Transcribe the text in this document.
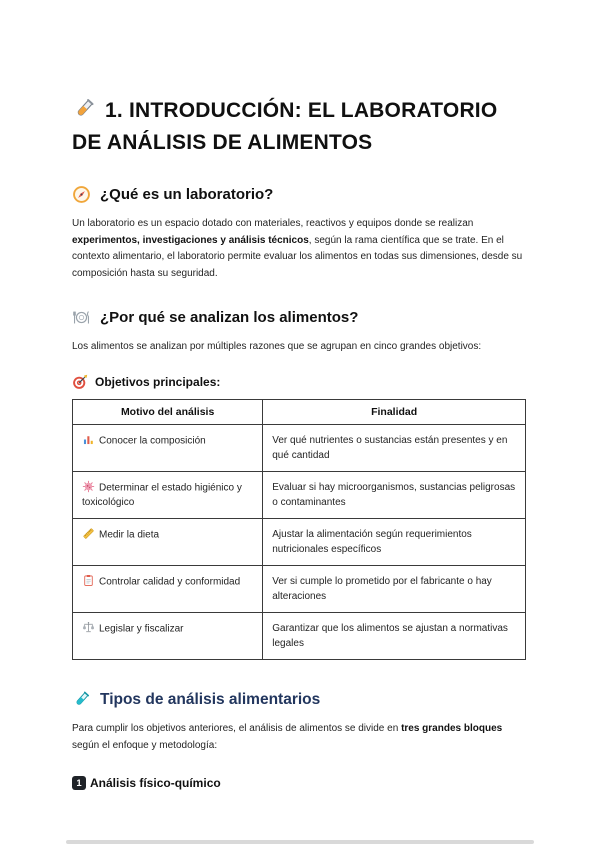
1. INTRODUCCIÓN: EL LABORATORIO DE ANÁLISIS DE ALIMENTOS
¿Qué es un laboratorio?

Un laboratorio es un espacio dotado con materiales, reactivos y equipos donde se realizan experimentos, investigaciones y análisis técnicos, según la rama científica que se trate. En el contexto alimentario, el laboratorio permite evaluar los alimentos en todas sus dimensiones, desde su composición hasta su seguridad.

¿Por qué se analizan los alimentos?

Los alimentos se analizan por múltiples razones que se agrupan en cinco grandes objetivos:

Objetivos principales:
Motivo del análisis	Finalidad
Conocer la composición	Ver qué nutrientes o sustancias están presentes y en qué cantidad
Determinar el estado higiénico y toxicológico	Evaluar si hay microorganismos, sustancias peligrosas o contaminantes
Medir la dieta	Ajustar la alimentación según requerimientos nutricionales específicos
Controlar calidad y conformidad	Ver si cumple lo prometido por el fabricante o hay alteraciones
Legislar y fiscalizar	Garantizar que los alimentos se ajustan a normativas legales
Tipos de análisis alimentarios

Para cumplir los objetivos anteriores, el análisis de alimentos se divide en tres grandes bloques según el enfoque y metodología:

1 Análisis físico-químico
